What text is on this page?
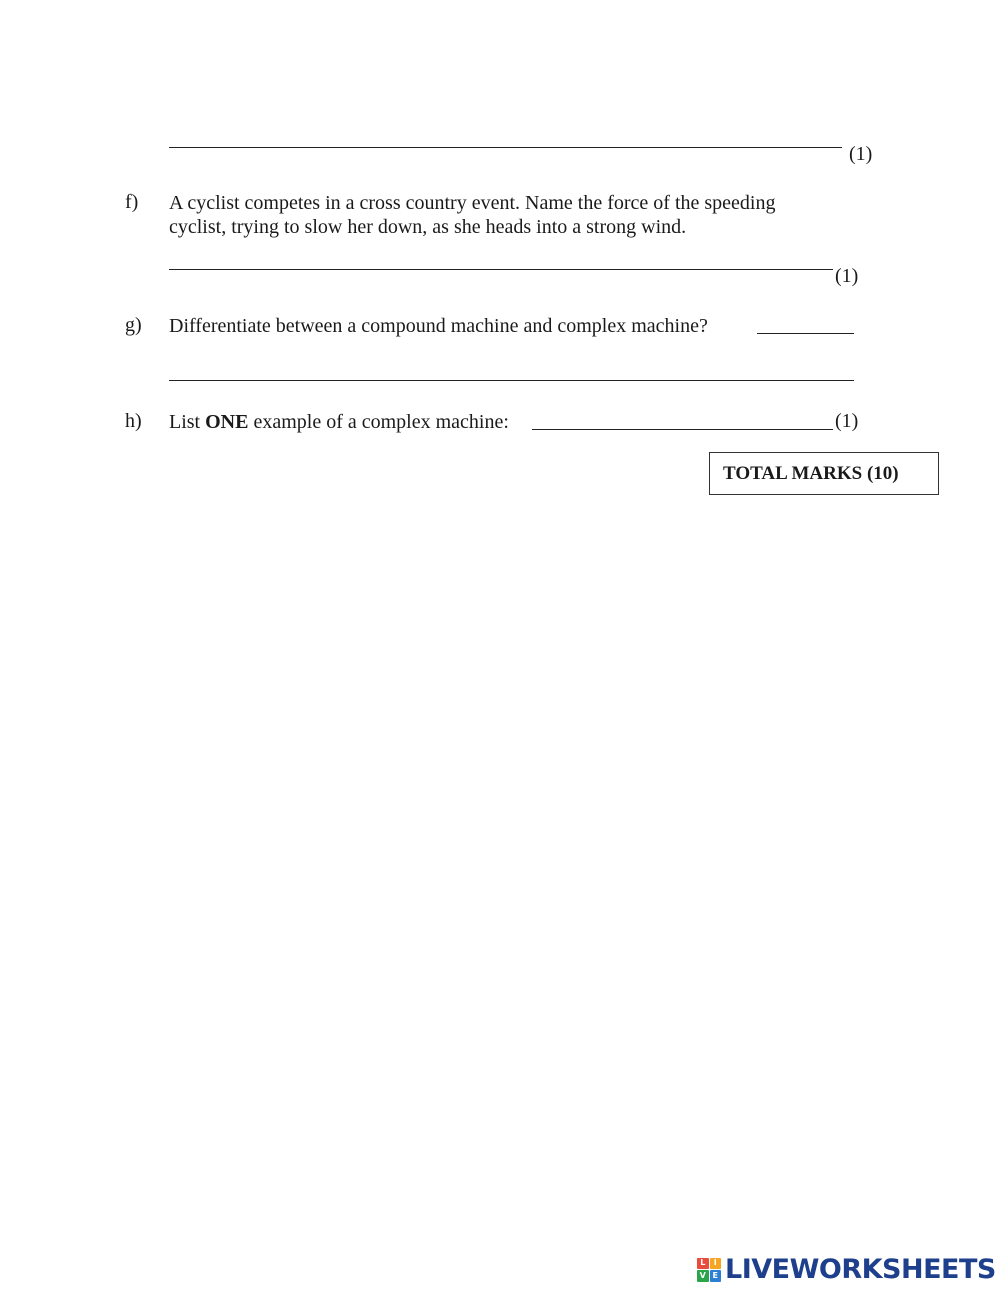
(1)
f) A cyclist competes in a cross country event. Name the force of the speeding
cyclist, trying to slow her down, as she heads into a strong wind.
(1)
g) Differentiate between a compound machine and complex machine?
h) List ONE example of a complex machine:	(1)
TOTAL MARKS (10)
L	I
V E LIVEWORKSHEETS
